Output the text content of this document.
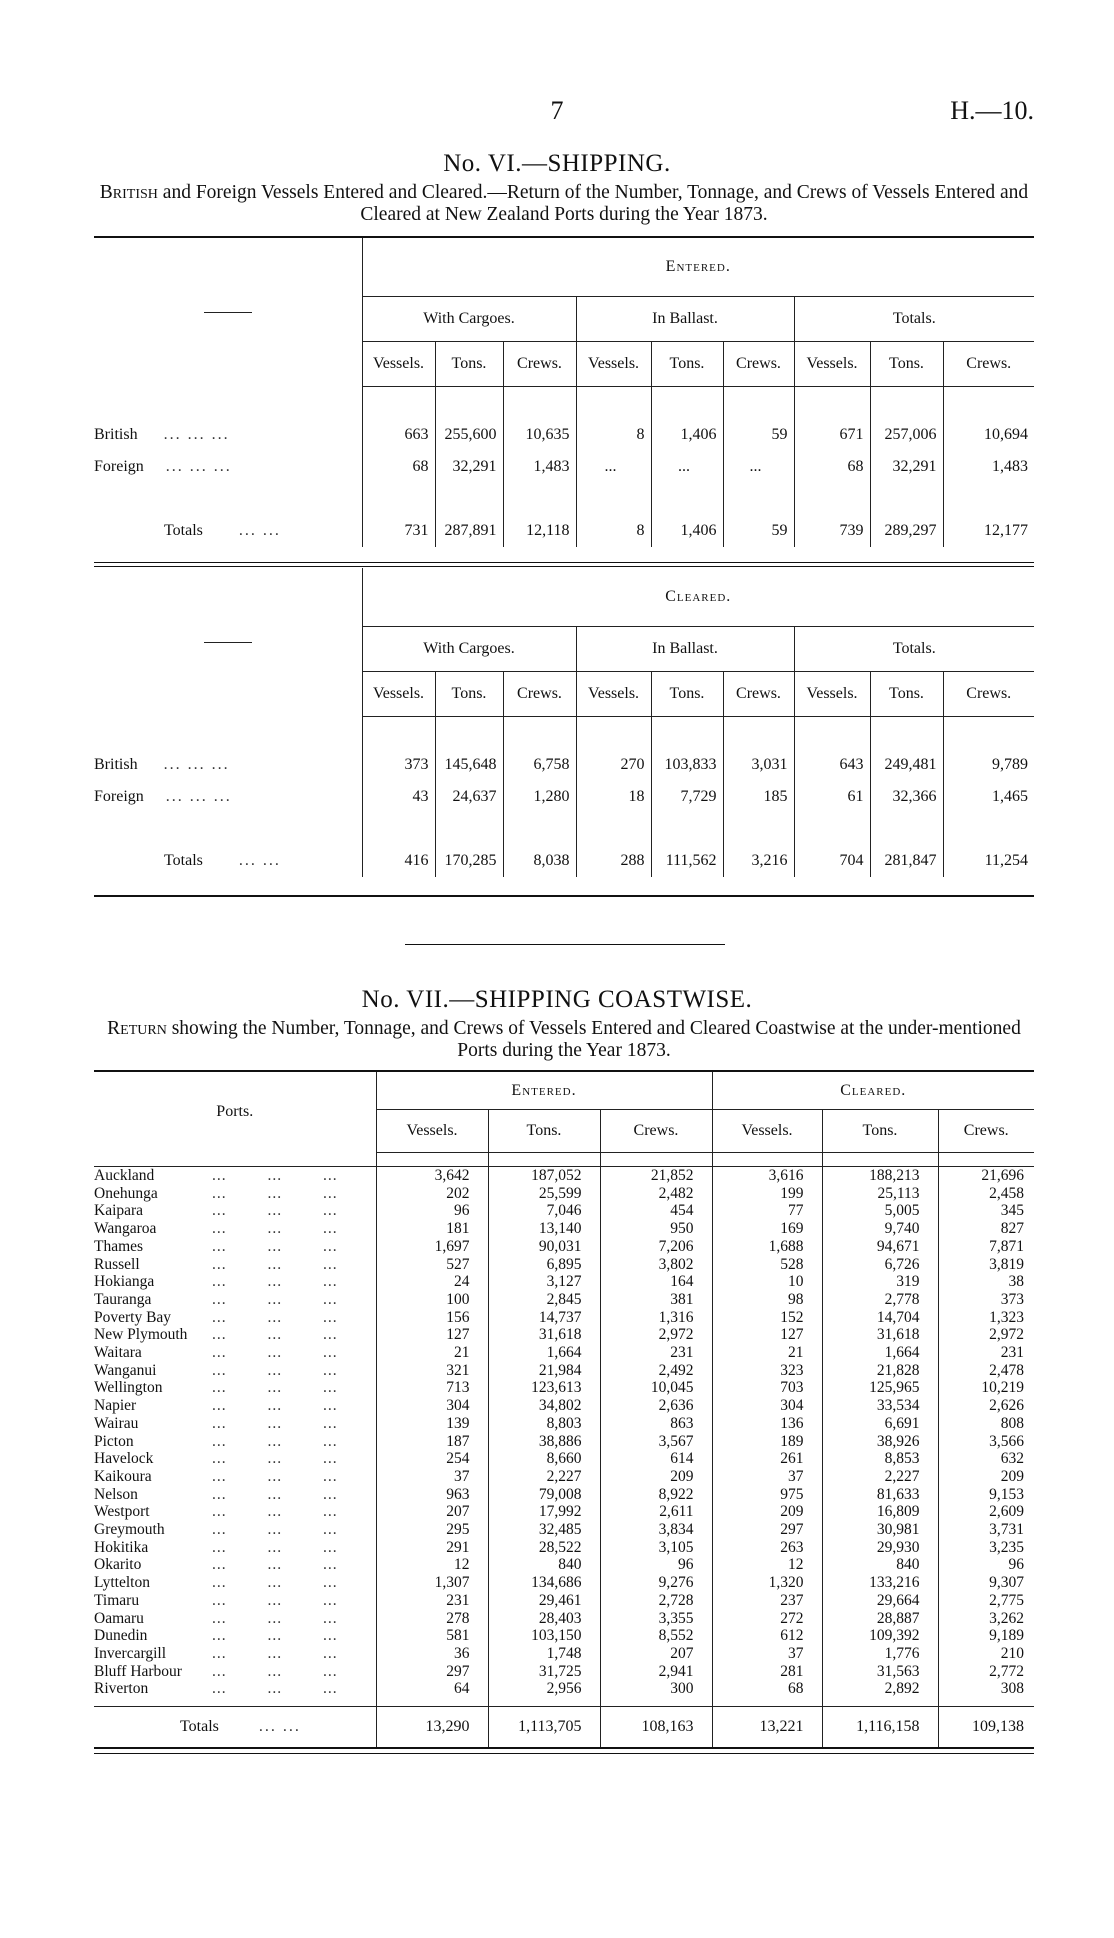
7	H.—10.
No. VI.—SHIPPING.
British and Foreign Vessels Entered and Cleared.—Return of the Number, Tonnage, and Crews of Vessels Entered and Cleared at New Zealand Ports during the Year 1873.
	Entered.								
	With Cargoes.			In Ballast.			Totals.		
	Vessels.	Tons.	Crews.	Vessels.	Tons.	Crews.	Vessels.	Tons.	Crews.

British ... ... ...	663	255,600	10,635	8	1,406	59	671	257,006	10,694
Foreign ... ... ...	68	32,291	1,483	...	...	...	68	32,291	1,483

Totals ... ...	731	287,891	12,118	8	1,406	59	739	289,297	12,177
	Cleared.								
	With Cargoes.			In Ballast.			Totals.		
	Vessels.	Tons.	Crews.	Vessels.	Tons.	Crews.	Vessels.	Tons.	Crews.

British ... ... ...	373	145,648	6,758	270	103,833	3,031	643	249,481	9,789
Foreign ... ... ...	43	24,637	1,280	18	7,729	185	61	32,366	1,465

Totals ... ...	416	170,285	8,038	288	111,562	3,216	704	281,847	11,254
No. VII.—SHIPPING COASTWISE.
Return showing the Number, Tonnage, and Crews of Vessels Entered and Cleared Coastwise at the under-mentioned Ports during the Year 1873.
Ports.	Entered.			Cleared.		
	Vessels.	Tons.	Crews.	Vessels.	Tons.	Crews.

Auckland ... ... ...	3,642	187,052	21,852	3,616	188,213	21,696
Onehunga ... ... ...	202	25,599	2,482	199	25,113	2,458
Kaipara ... ... ...	96	7,046	454	77	5,005	345
Wangaroa ... ... ...	181	13,140	950	169	9,740	827
Thames ... ... ...	1,697	90,031	7,206	1,688	94,671	7,871
Russell ... ... ...	527	6,895	3,802	528	6,726	3,819
Hokianga ... ... ...	24	3,127	164	10	319	38
Tauranga ... ... ...	100	2,845	381	98	2,778	373
Poverty Bay ... ... ...	156	14,737	1,316	152	14,704	1,323
New Plymouth ... ... ...	127	31,618	2,972	127	31,618	2,972
Waitara ... ... ...	21	1,664	231	21	1,664	231
Wanganui ... ... ...	321	21,984	2,492	323	21,828	2,478
Wellington ... ... ...	713	123,613	10,045	703	125,965	10,219
Napier ... ... ...	304	34,802	2,636	304	33,534	2,626
Wairau ... ... ...	139	8,803	863	136	6,691	808
Picton ... ... ...	187	38,886	3,567	189	38,926	3,566
Havelock ... ... ...	254	8,660	614	261	8,853	632
Kaikoura ... ... ...	37	2,227	209	37	2,227	209
Nelson ... ... ...	963	79,008	8,922	975	81,633	9,153
Westport ... ... ...	207	17,992	2,611	209	16,809	2,609
Greymouth ... ... ...	295	32,485	3,834	297	30,981	3,731
Hokitika ... ... ...	291	28,522	3,105	263	29,930	3,235
Okarito ... ... ...	12	840	96	12	840	96
Lyttelton ... ... ...	1,307	134,686	9,276	1,320	133,216	9,307
Timaru ... ... ...	231	29,461	2,728	237	29,664	2,775
Oamaru ... ... ...	278	28,403	3,355	272	28,887	3,262
Dunedin ... ... ...	581	103,150	8,552	612	109,392	9,189
Invercargill ... ... ...	36	1,748	207	37	1,776	210
Bluff Harbour ... ... ...	297	31,725	2,941	281	31,563	2,772
Riverton ... ... ...	64	2,956	300	68	2,892	308

Totals ... ...	13,290	1,113,705	108,163	13,221	1,116,158	109,138
